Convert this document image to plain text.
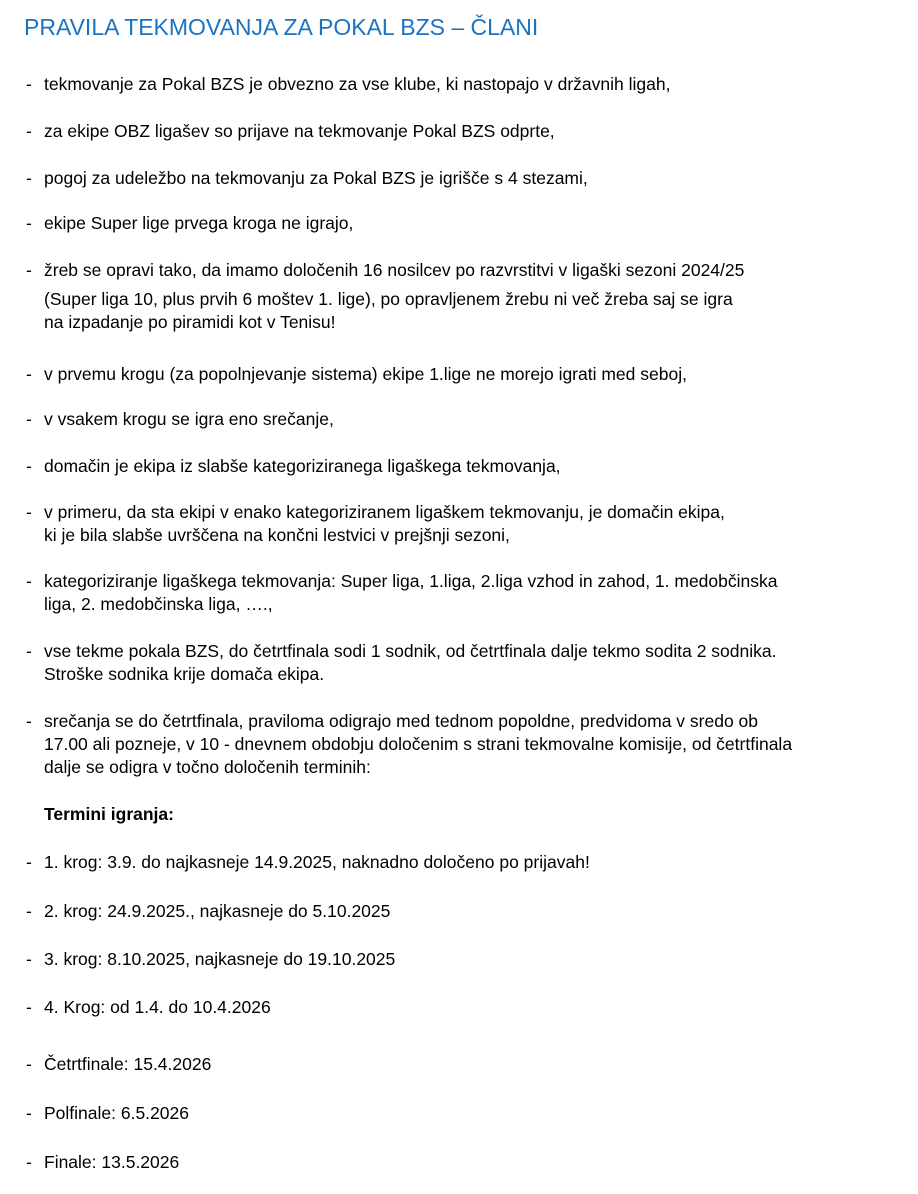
PRAVILA TEKMOVANJA ZA POKAL BZS – ČLANI
- tekmovanje za Pokal BZS je obvezno za vse klube, ki nastopajo v državnih ligah,
- za ekipe OBZ ligašev so prijave na tekmovanje Pokal BZS odprte,
- pogoj za udeležbo na tekmovanju za Pokal BZS je igrišče s 4 stezami,
- ekipe Super lige prvega kroga ne igrajo,
- žreb se opravi tako, da imamo določenih 16 nosilcev po razvrstitvi v ligaški sezoni 2024/25
(Super liga 10, plus prvih 6 moštev 1. lige), po opravljenem žrebu ni več žreba saj se igra
na izpadanje po piramidi kot v Tenisu!
- v prvemu krogu (za popolnjevanje sistema) ekipe 1.lige ne morejo igrati med seboj,
- v vsakem krogu se igra eno srečanje,
- domačin je ekipa iz slabše kategoriziranega ligaškega tekmovanja,
- v primeru, da sta ekipi v enako kategoriziranem ligaškem tekmovanju, je domačin ekipa,
ki je bila slabše uvrščena na končni lestvici v prejšnji sezoni,
- kategoriziranje ligaškega tekmovanja: Super liga, 1.liga, 2.liga vzhod in zahod, 1. medobčinska
liga, 2. medobčinska liga, ….,
- vse tekme pokala BZS, do četrtfinala sodi 1 sodnik, od četrtfinala dalje tekmo sodita 2 sodnika.
Stroške sodnika krije domača ekipa.
- srečanja se do četrtfinala, praviloma odigrajo med tednom popoldne, predvidoma v sredo ob
17.00 ali pozneje, v 10 - dnevnem obdobju določenim s strani tekmovalne komisije, od četrtfinala
dalje se odigra v točno določenih terminih:
Termini igranja:
- 1. krog: 3.9. do najkasneje 14.9.2025, naknadno določeno po prijavah!
- 2. krog: 24.9.2025., najkasneje do 5.10.2025
- 3. krog: 8.10.2025, najkasneje do 19.10.2025
- 4. Krog: od 1.4. do 10.4.2026
- Četrtfinale: 15.4.2026
- Polfinale: 6.5.2026
- Finale: 13.5.2026
